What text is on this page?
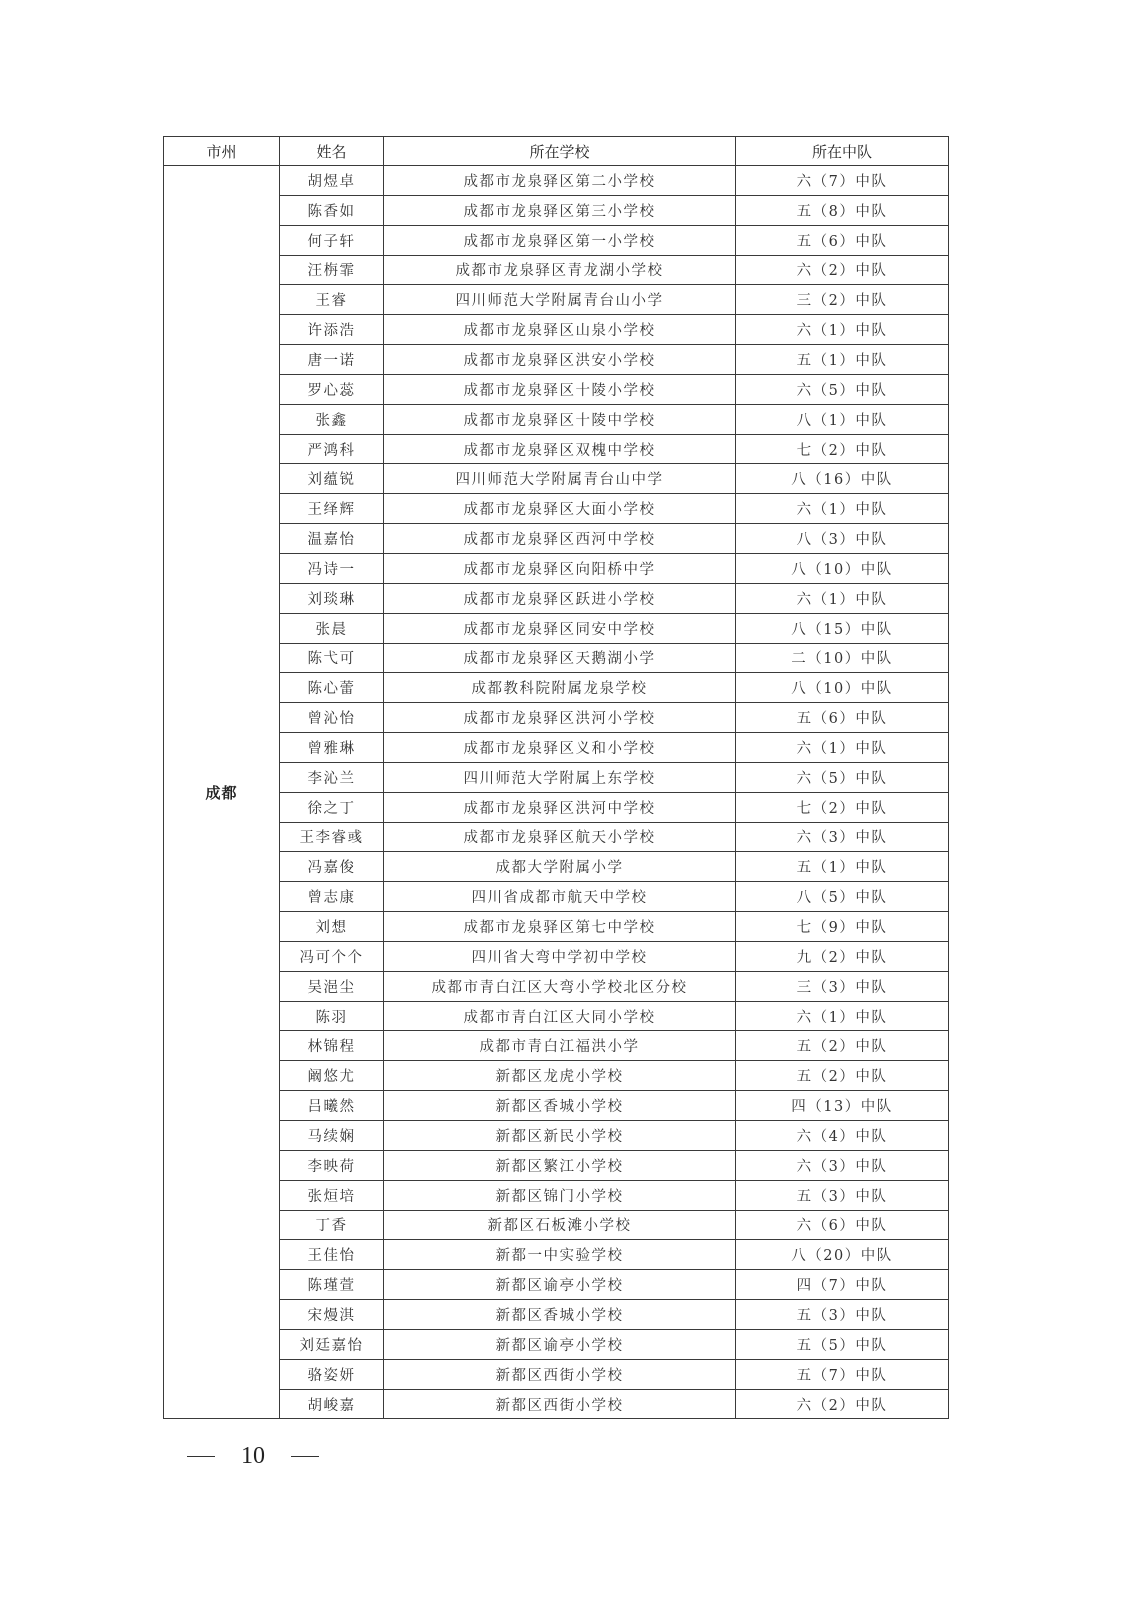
市州	姓名	所在学校	所在中队
成都	胡煜卓	成都市龙泉驿区第二小学校	六（7）中队
	陈香如	成都市龙泉驿区第三小学校	五（8）中队
	何子轩	成都市龙泉驿区第一小学校	五（6）中队
	汪栴霏	成都市龙泉驿区青龙湖小学校	六（2）中队
	王睿	四川师范大学附属青台山小学	三（2）中队
	许添浩	成都市龙泉驿区山泉小学校	六（1）中队
	唐一诺	成都市龙泉驿区洪安小学校	五（1）中队
	罗心蕊	成都市龙泉驿区十陵小学校	六（5）中队
	张鑫	成都市龙泉驿区十陵中学校	八（1）中队
	严鸿科	成都市龙泉驿区双槐中学校	七（2）中队
	刘蕴锐	四川师范大学附属青台山中学	八（16）中队
	王绎辉	成都市龙泉驿区大面小学校	六（1）中队
	温嘉怡	成都市龙泉驿区西河中学校	八（3）中队
	冯诗一	成都市龙泉驿区向阳桥中学	八（10）中队
	刘琰琳	成都市龙泉驿区跃进小学校	六（1）中队
	张晨	成都市龙泉驿区同安中学校	八（15）中队
	陈弋可	成都市龙泉驿区天鹅湖小学	二（10）中队
	陈心蕾	成都教科院附属龙泉学校	八（10）中队
	曾沁怡	成都市龙泉驿区洪河小学校	五（6）中队
	曾雅琳	成都市龙泉驿区义和小学校	六（1）中队
	李沁兰	四川师范大学附属上东学校	六（5）中队
	徐之丁	成都市龙泉驿区洪河中学校	七（2）中队
	王李睿彧	成都市龙泉驿区航天小学校	六（3）中队
	冯嘉俊	成都大学附属小学	五（1）中队
	曾志康	四川省成都市航天中学校	八（5）中队
	刘想	成都市龙泉驿区第七中学校	七（9）中队
	冯可个个	四川省大弯中学初中学校	九（2）中队
	吴浥尘	成都市青白江区大弯小学校北区分校	三（3）中队
	陈羽	成都市青白江区大同小学校	六（1）中队
	林锦程	成都市青白江福洪小学	五（2）中队
	阚悠尤	新都区龙虎小学校	五（2）中队
	吕曦然	新都区香城小学校	四（13）中队
	马续娴	新都区新民小学校	六（4）中队
	李映荷	新都区繁江小学校	六（3）中队
	张烜培	新都区锦门小学校	五（3）中队
	丁香	新都区石板滩小学校	六（6）中队
	王佳怡	新都一中实验学校	八（20）中队
	陈瑾萱	新都区谕亭小学校	四（7）中队
	宋熳淇	新都区香城小学校	五（3）中队
	刘廷嘉怡	新都区谕亭小学校	五（5）中队
	骆姿妍	新都区西街小学校	五（7）中队
	胡峻嘉	新都区西街小学校	六（2）中队
10
